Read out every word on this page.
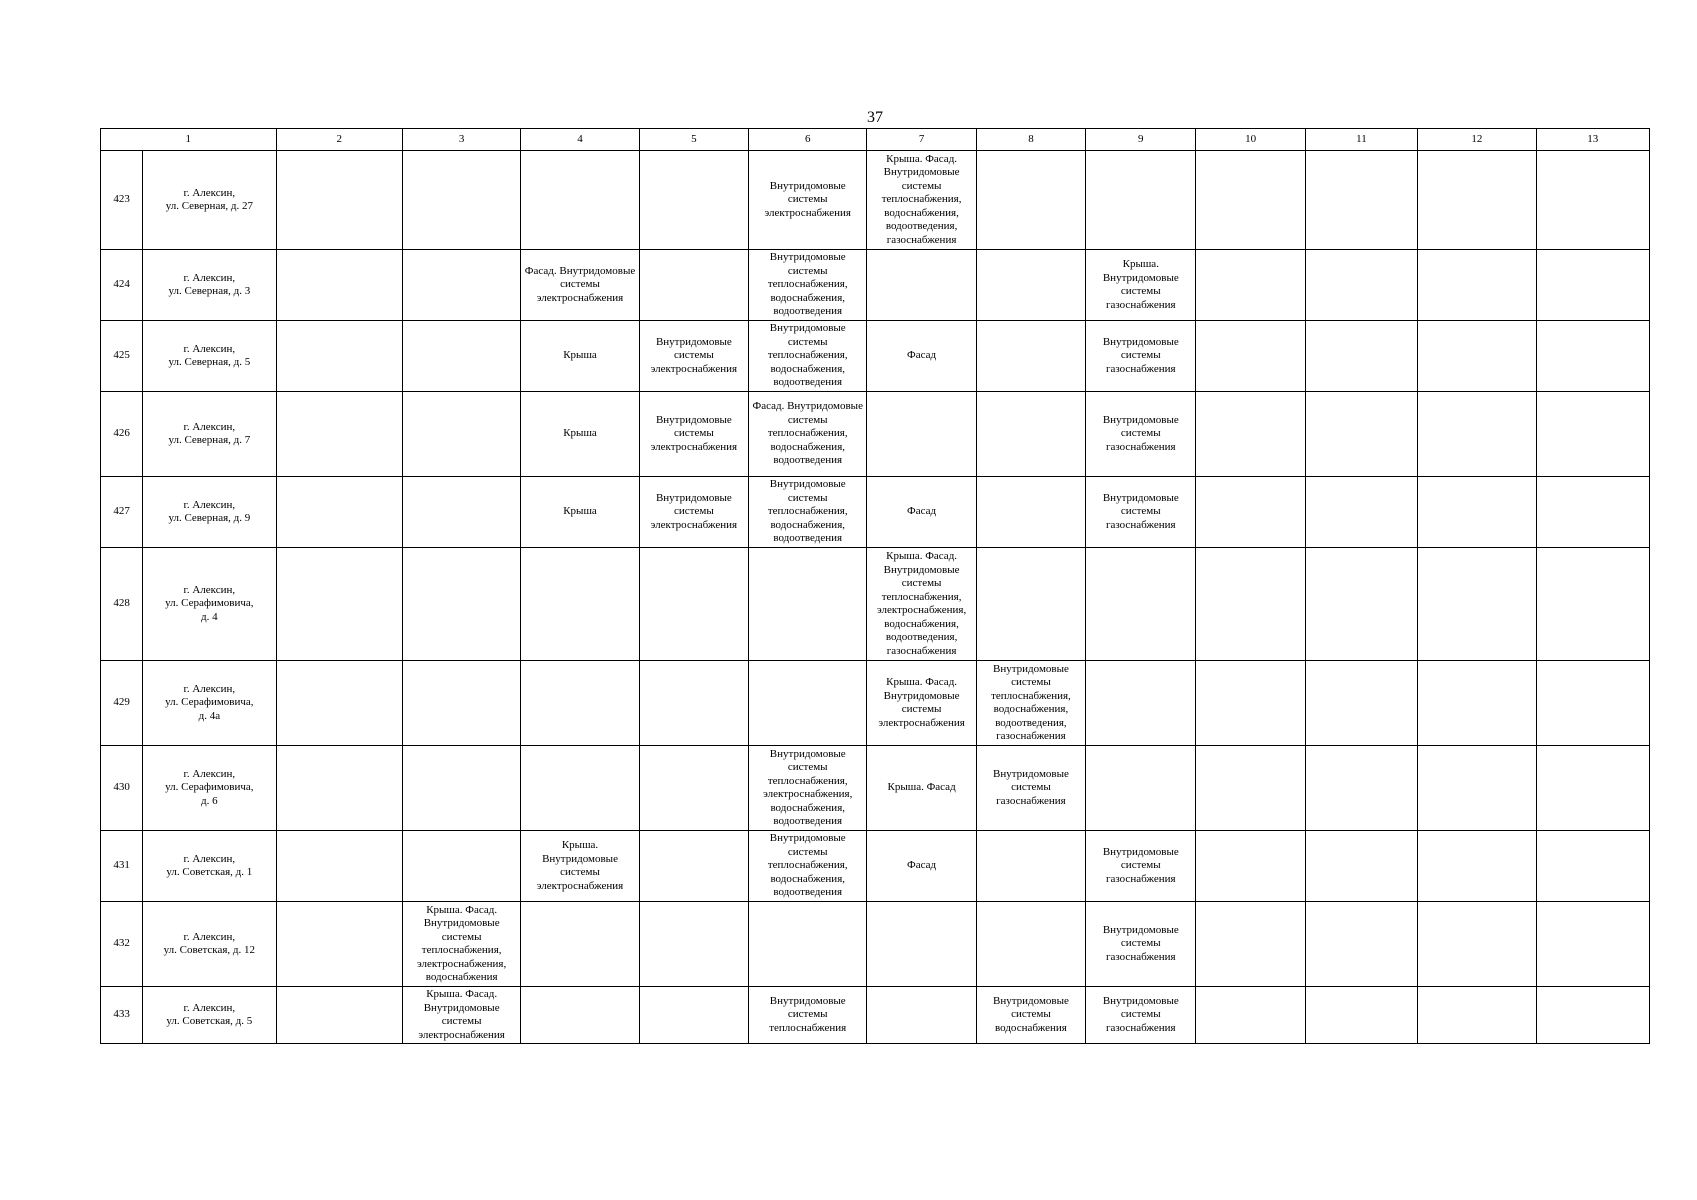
37
1		2	3	4	5	6	7	8	9	10	11	12	13
423	г. Алексин,
ул. Северная, д. 27					Внутридомовые системы электроснабжения	Крыша. Фасад. Внутридомовые системы теплоснабжения, водоснабжения, водоотведения, газоснабжения						
424	г. Алексин,
ул. Северная, д. 3			Фасад. Внутридомовые системы электроснабжения		Внутридомовые системы теплоснабжения, водоснабжения, водоотведения			Крыша. Внутридомовые системы газоснабжения				
425	г. Алексин,
ул. Северная, д. 5			Крыша	Внутридомовые системы электроснабжения	Внутридомовые системы теплоснабжения, водоснабжения, водоотведения	Фасад		Внутридомовые системы газоснабжения				
426	г. Алексин,
ул. Северная, д. 7			Крыша	Внутридомовые системы электроснабжения	Фасад. Внутридомовые системы теплоснабжения, водоснабжения, водоотведения			Внутридомовые системы газоснабжения				
427	г. Алексин,
ул. Северная, д. 9			Крыша	Внутридомовые системы электроснабжения	Внутридомовые системы теплоснабжения, водоснабжения, водоотведения	Фасад		Внутридомовые системы газоснабжения				
428	г. Алексин,
ул. Серафимовича,
д. 4						Крыша. Фасад. Внутридомовые системы теплоснабжения, электроснабжения, водоснабжения, водоотведения, газоснабжения						
429	г. Алексин,
ул. Серафимовича,
д. 4а						Крыша. Фасад. Внутридомовые системы электроснабжения	Внутридомовые системы теплоснабжения, водоснабжения, водоотведения, газоснабжения					
430	г. Алексин,
ул. Серафимовича,
д. 6					Внутридомовые системы теплоснабжения, электроснабжения, водоснабжения, водоотведения	Крыша. Фасад	Внутридомовые системы газоснабжения					
431	г. Алексин,
ул. Советская, д. 1			Крыша. Внутридомовые системы электроснабжения		Внутридомовые системы теплоснабжения, водоснабжения, водоотведения	Фасад		Внутридомовые системы газоснабжения				
432	г. Алексин,
ул. Советская, д. 12		Крыша. Фасад. Внутридомовые системы теплоснабжения, электроснабжения, водоснабжения						Внутридомовые системы газоснабжения				
433	г. Алексин,
ул. Советская, д. 5		Крыша. Фасад. Внутридомовые системы электроснабжения			Внутридомовые системы теплоснабжения		Внутридомовые системы водоснабжения	Внутридомовые системы газоснабжения				
